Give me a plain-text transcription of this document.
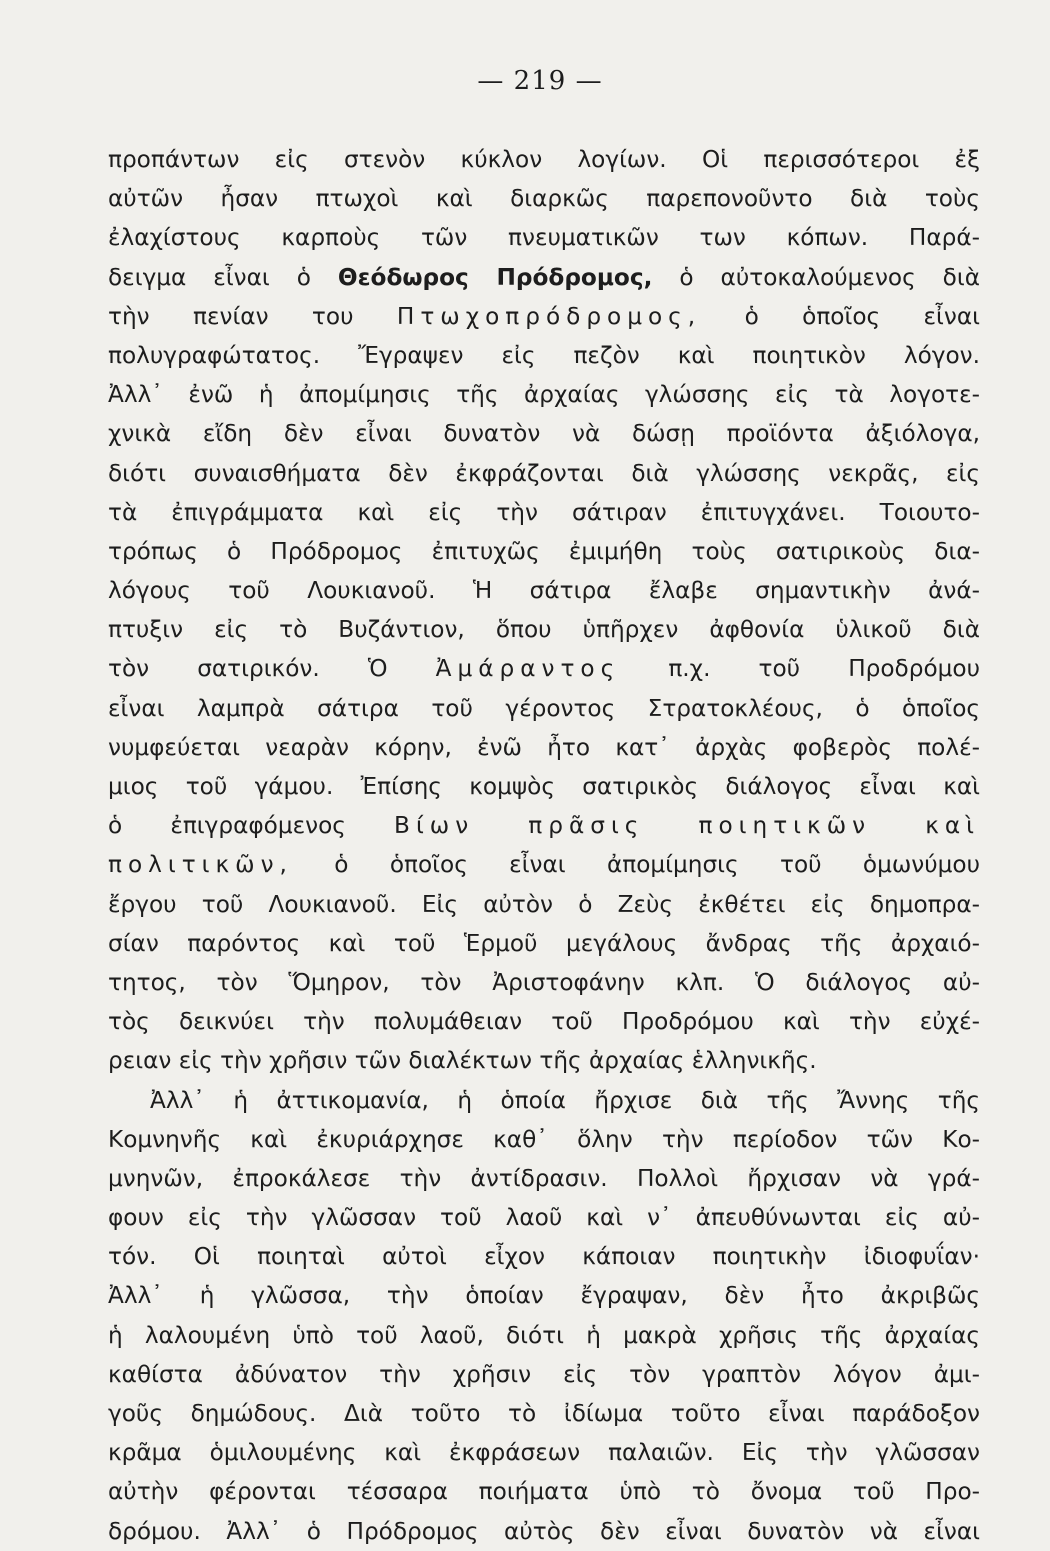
— 219 —
προπάντων εἰς στενὸν κύκλον λογίων. Οἱ περισσότεροι ἐξ
αὐτῶν ἦσαν πτωχοὶ καὶ διαρκῶς παρεπονοῦντο διὰ τοὺς
ἐλαχίστους καρποὺς τῶν πνευματικῶν των κόπων. Παρά-
δειγμα εἶναι ὁ Θεόδωρος Πρόδρομος, ὁ αὐτοκαλούμενος διὰ
τὴν πενίαν του Πτωχοπρόδρομος, ὁ ὁποῖος εἶναι
πολυγραφώτατος. Ἔγραψεν εἰς πεζὸν καὶ ποιητικὸν λόγον.
Ἀλλ᾽ ἐνῶ ἡ ἀπομίμησις τῆς ἀρχαίας γλώσσης εἰς τὰ λογοτε-
χνικὰ εἴδη δὲν εἶναι δυνατὸν νὰ δώσῃ προϊόντα ἀξιόλογα,
διότι συναισθήματα δὲν ἐκφράζονται διὰ γλώσσης νεκρᾶς, εἰς
τὰ ἐπιγράμματα καὶ εἰς τὴν σάτιραν ἐπιτυγχάνει. Τοιουτο-
τρόπως ὁ Πρόδρομος ἐπιτυχῶς ἐμιμήθη τοὺς σατιρικοὺς δια-
λόγους τοῦ Λουκιανοῦ. Ἡ σάτιρα ἔλαβε σημαντικὴν ἀνά-
πτυξιν εἰς τὸ Βυζάντιον, ὅπου ὑπῆρχεν ἀφθονία ὑλικοῦ διὰ
τὸν σατιρικόν. Ὁ Ἀμάραντος π.χ. τοῦ Προδρόμου
εἶναι λαμπρὰ σάτιρα τοῦ γέροντος Στρατοκλέους, ὁ ὁποῖος
νυμφεύεται νεαρὰν κόρην, ἐνῶ ἦτο κατ᾽ ἀρχὰς φοβερὸς πολέ-
μιος τοῦ γάμου. Ἐπίσης κομψὸς σατιρικὸς διάλογος εἶναι καὶ
ὁ ἐπιγραφόμενος Βίων πρᾶσις ποιητικῶν καὶ
πολιτικῶν, ὁ ὁποῖος εἶναι ἀπομίμησις τοῦ ὁμωνύμου
ἔργου τοῦ Λουκιανοῦ. Εἰς αὐτὸν ὁ Ζεὺς ἐκθέτει εἰς δημοπρα-
σίαν παρόντος καὶ τοῦ Ἑρμοῦ μεγάλους ἄνδρας τῆς ἀρχαιό-
τητος, τὸν Ὅμηρον, τὸν Ἀριστοφάνην κλπ. Ὁ διάλογος αὐ-
τὸς δεικνύει τὴν πολυμάθειαν τοῦ Προδρόμου καὶ τὴν εὐχέ-
ρειαν εἰς τὴν χρῆσιν τῶν διαλέκτων τῆς ἀρχαίας ἑλληνικῆς.
Ἀλλ᾽ ἡ ἀττικομανία, ἡ ὁποία ἤρχισε διὰ τῆς Ἄννης τῆς
Κομνηνῆς καὶ ἐκυριάρχησε καθ᾽ ὅλην τὴν περίοδον τῶν Κο-
μνηνῶν, ἐπροκάλεσε τὴν ἀντίδρασιν. Πολλοὶ ἤρχισαν νὰ γρά-
φουν εἰς τὴν γλῶσσαν τοῦ λαοῦ καὶ ν᾽ ἀπευθύνωνται εἰς αὐ-
τόν. Οἱ ποιηταὶ αὐτοὶ εἶχον κάποιαν ποιητικὴν ἰδιοφυΐαν·
Ἀλλ᾽ ἡ γλῶσσα, τὴν ὁποίαν ἔγραψαν, δὲν ἦτο ἀκριβῶς
ἡ λαλουμένη ὑπὸ τοῦ λαοῦ, διότι ἡ μακρὰ χρῆσις τῆς ἀρχαίας
καθίστα ἀδύνατον τὴν χρῆσιν εἰς τὸν γραπτὸν λόγον ἀμι-
γοῦς δημώδους. Διὰ τοῦτο τὸ ἰδίωμα τοῦτο εἶναι παράδοξον
κρᾶμα ὁμιλουμένης καὶ ἐκφράσεων παλαιῶν. Εἰς τὴν γλῶσσαν
αὐτὴν φέρονται τέσσαρα ποιήματα ὑπὸ τὸ ὄνομα τοῦ Προ-
δρόμου. Ἀλλ᾽ ὁ Πρόδρομος αὐτὸς δὲν εἶναι δυνατὸν νὰ εἶναι
